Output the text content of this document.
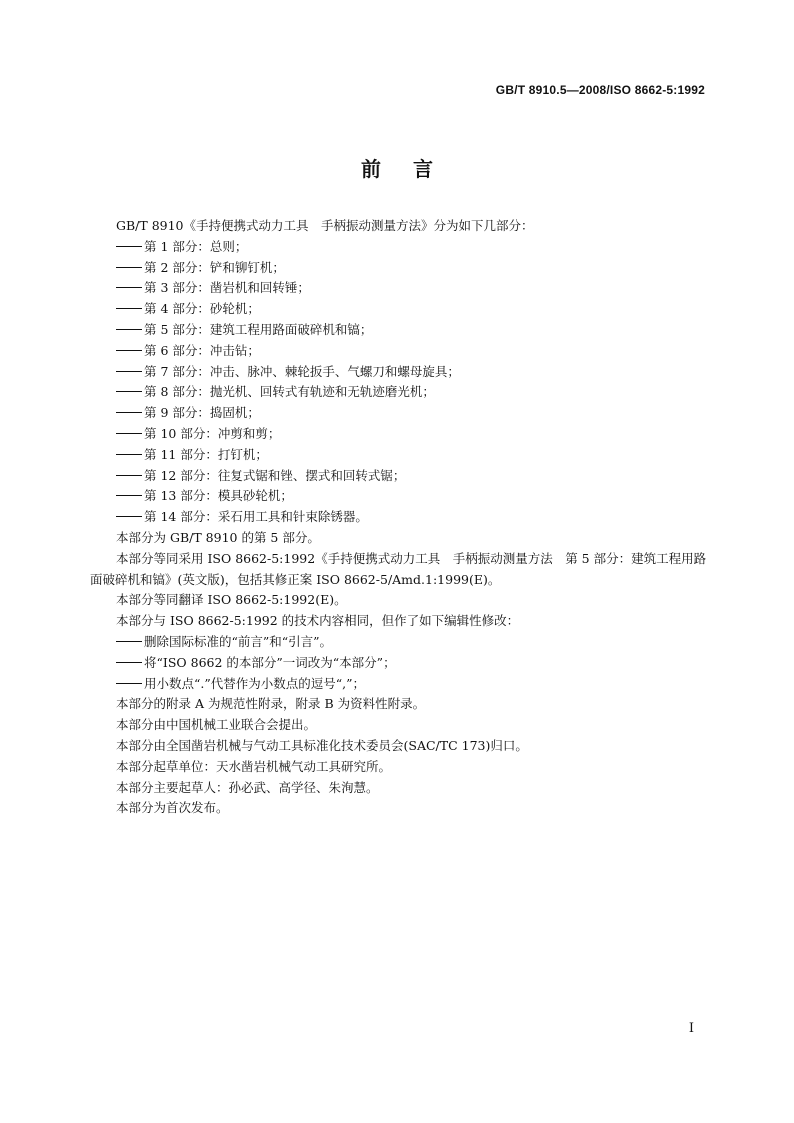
GB/T 8910.5—2008/ISO 8662-5:1992
前言

GB/T 8910《手持便携式动力工具　手柄振动测量方法》分为如下几部分：

第 1 部分：总则；

第 2 部分：铲和铆钉机；

第 3 部分：凿岩机和回转锤；

第 4 部分：砂轮机；

第 5 部分：建筑工程用路面破碎机和镐；

第 6 部分：冲击钻；

第 7 部分：冲击、脉冲、棘轮扳手、气螺刀和螺母旋具；

第 8 部分：抛光机、回转式有轨迹和无轨迹磨光机；

第 9 部分：捣固机；

第 10 部分：冲剪和剪；

第 11 部分：打钉机；

第 12 部分：往复式锯和锉、摆式和回转式锯；

第 13 部分：模具砂轮机；

第 14 部分：采石用工具和针束除锈器。

本部分为 GB/T 8910 的第 5 部分。

本部分等同采用 ISO 8662-5:1992《手持便携式动力工具　手柄振动测量方法　第 5 部分：建筑工程用路面破碎机和镐》(英文版)，包括其修正案 ISO 8662-5/Amd.1:1999(E)。

本部分等同翻译 ISO 8662-5:1992(E)。

本部分与 ISO 8662-5:1992 的技术内容相同，但作了如下编辑性修改：

删除国际标准的“前言”和“引言”。

将“ISO 8662 的本部分”一词改为“本部分”；

用小数点“.”代替作为小数点的逗号“,”；

本部分的附录 A 为规范性附录，附录 B 为资料性附录。

本部分由中国机械工业联合会提出。

本部分由全国凿岩机械与气动工具标准化技术委员会(SAC/TC 173)归口。

本部分起草单位：天水凿岩机械气动工具研究所。

本部分主要起草人：孙必武、高学径、朱洵慧。

本部分为首次发布。

I
